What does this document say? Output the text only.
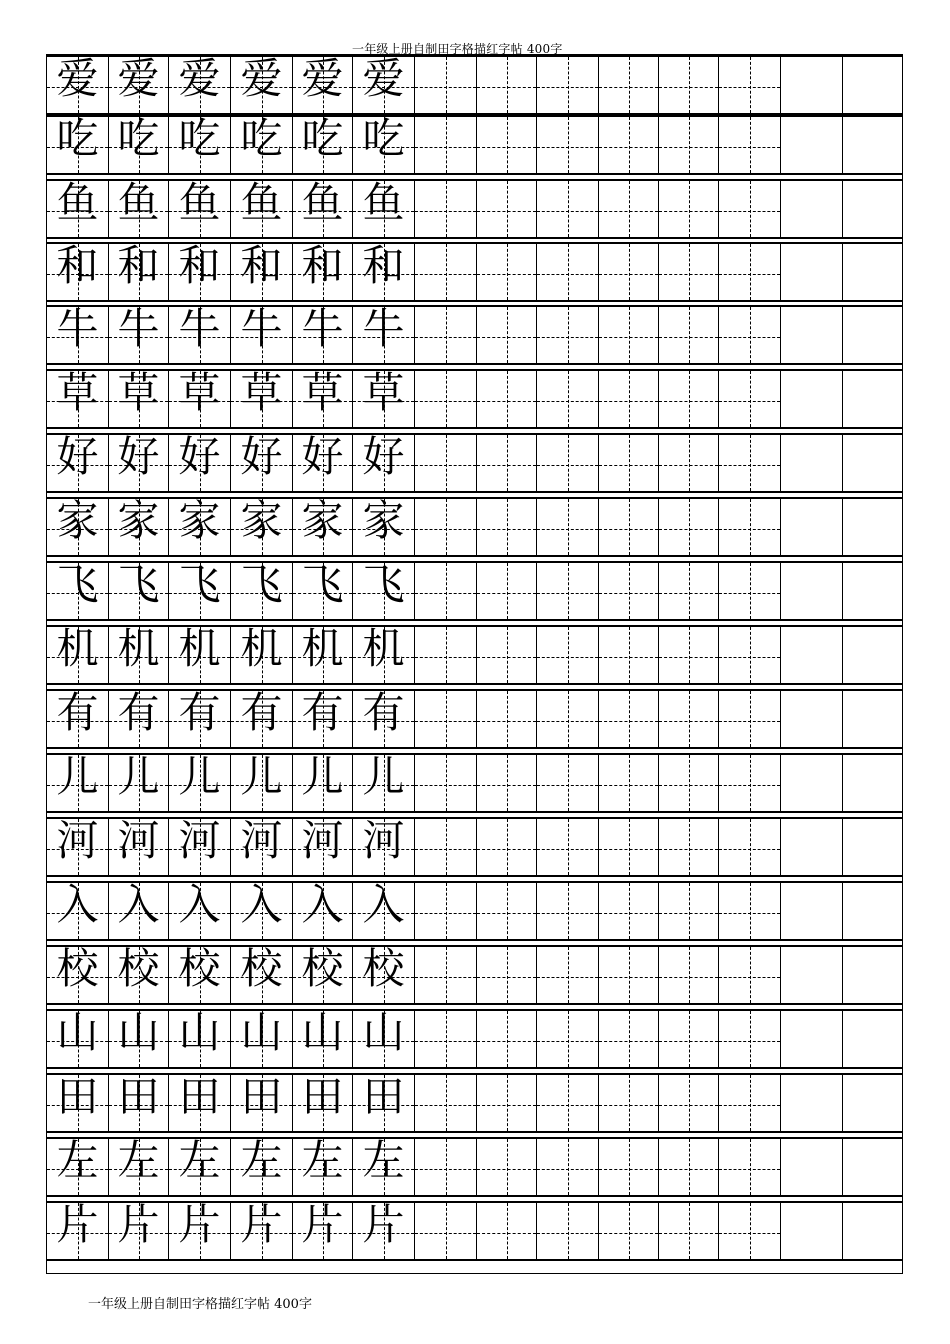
一年级上册自制田字格描红字帖 400字
爱 爱 爱 爱 爱 爱
吃 吃 吃 吃 吃 吃
鱼 鱼 鱼 鱼 鱼 鱼
和 和 和 和 和 和
牛 牛 牛 牛 牛 牛
草 草 草 草 草 草
好 好 好 好 好 好
家 家 家 家 家 家
飞 飞 飞 飞 飞 飞
机 机 机 机 机 机
有 有 有 有 有 有
儿 儿 儿 儿 儿 儿
河 河 河 河 河 河
入 入 入 入 入 入
校 校 校 校 校 校
山 山 山 山 山 山
田 田 田 田 田 田
左 左 左 左 左 左
片 片 片 片 片 片
一年级上册自制田字格描红字帖 400字
